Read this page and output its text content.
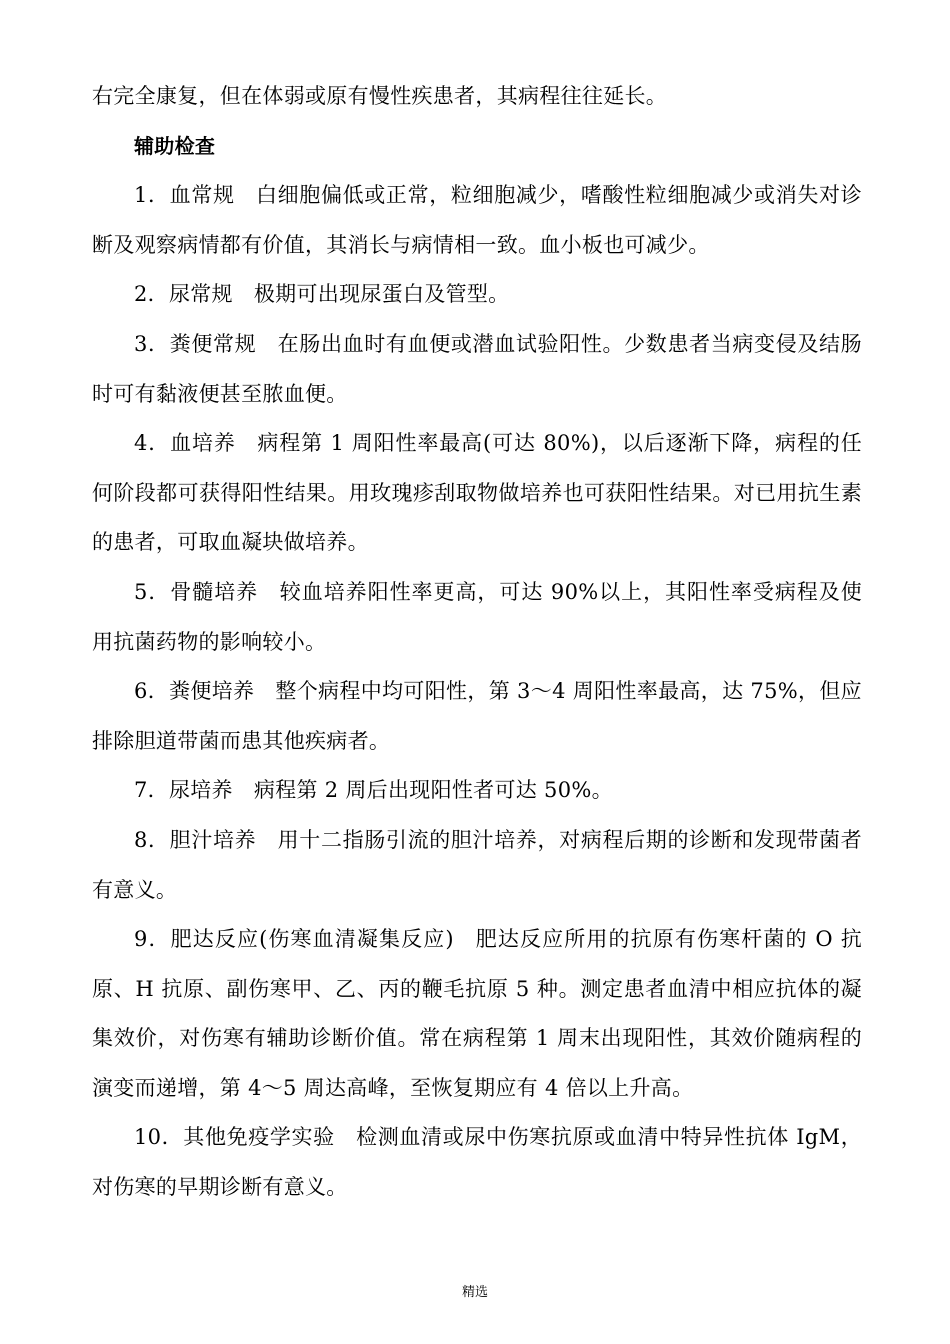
右完全康复，但在体弱或原有慢性疾患者，其病程往往延长。

辅助检查

1．血常规 白细胞偏低或正常，粒细胞减少，嗜酸性粒细胞减少或消失对诊断及观察病情都有价值，其消长与病情相一致。血小板也可减少。

2．尿常规 极期可出现尿蛋白及管型。

3．粪便常规 在肠出血时有血便或潜血试验阳性。少数患者当病变侵及结肠时可有黏液便甚至脓血便。

4．血培养 病程第 1 周阳性率最高(可达 80%)，以后逐渐下降，病程的任何阶段都可获得阳性结果。用玫瑰疹刮取物做培养也可获阳性结果。对已用抗生素的患者，可取血凝块做培养。

5．骨髓培养 较血培养阳性率更高，可达 90%以上，其阳性率受病程及使用抗菌药物的影响较小。

6．粪便培养 整个病程中均可阳性，第 3～4 周阳性率最高，达 75%，但应排除胆道带菌而患其他疾病者。

7．尿培养 病程第 2 周后出现阳性者可达 50%。

8．胆汁培养 用十二指肠引流的胆汁培养，对病程后期的诊断和发现带菌者有意义。

9．肥达反应(伤寒血清凝集反应) 肥达反应所用的抗原有伤寒杆菌的 O 抗原、H 抗原、副伤寒甲、乙、丙的鞭毛抗原 5 种。测定患者血清中相应抗体的凝集效价，对伤寒有辅助诊断价值。常在病程第 1 周末出现阳性，其效价随病程的演变而递增，第 4～5 周达高峰，至恢复期应有 4 倍以上升高。

10．其他免疫学实验 检测血清或尿中伤寒抗原或血清中特异性抗体 IgM，对伤寒的早期诊断有意义。

精选
